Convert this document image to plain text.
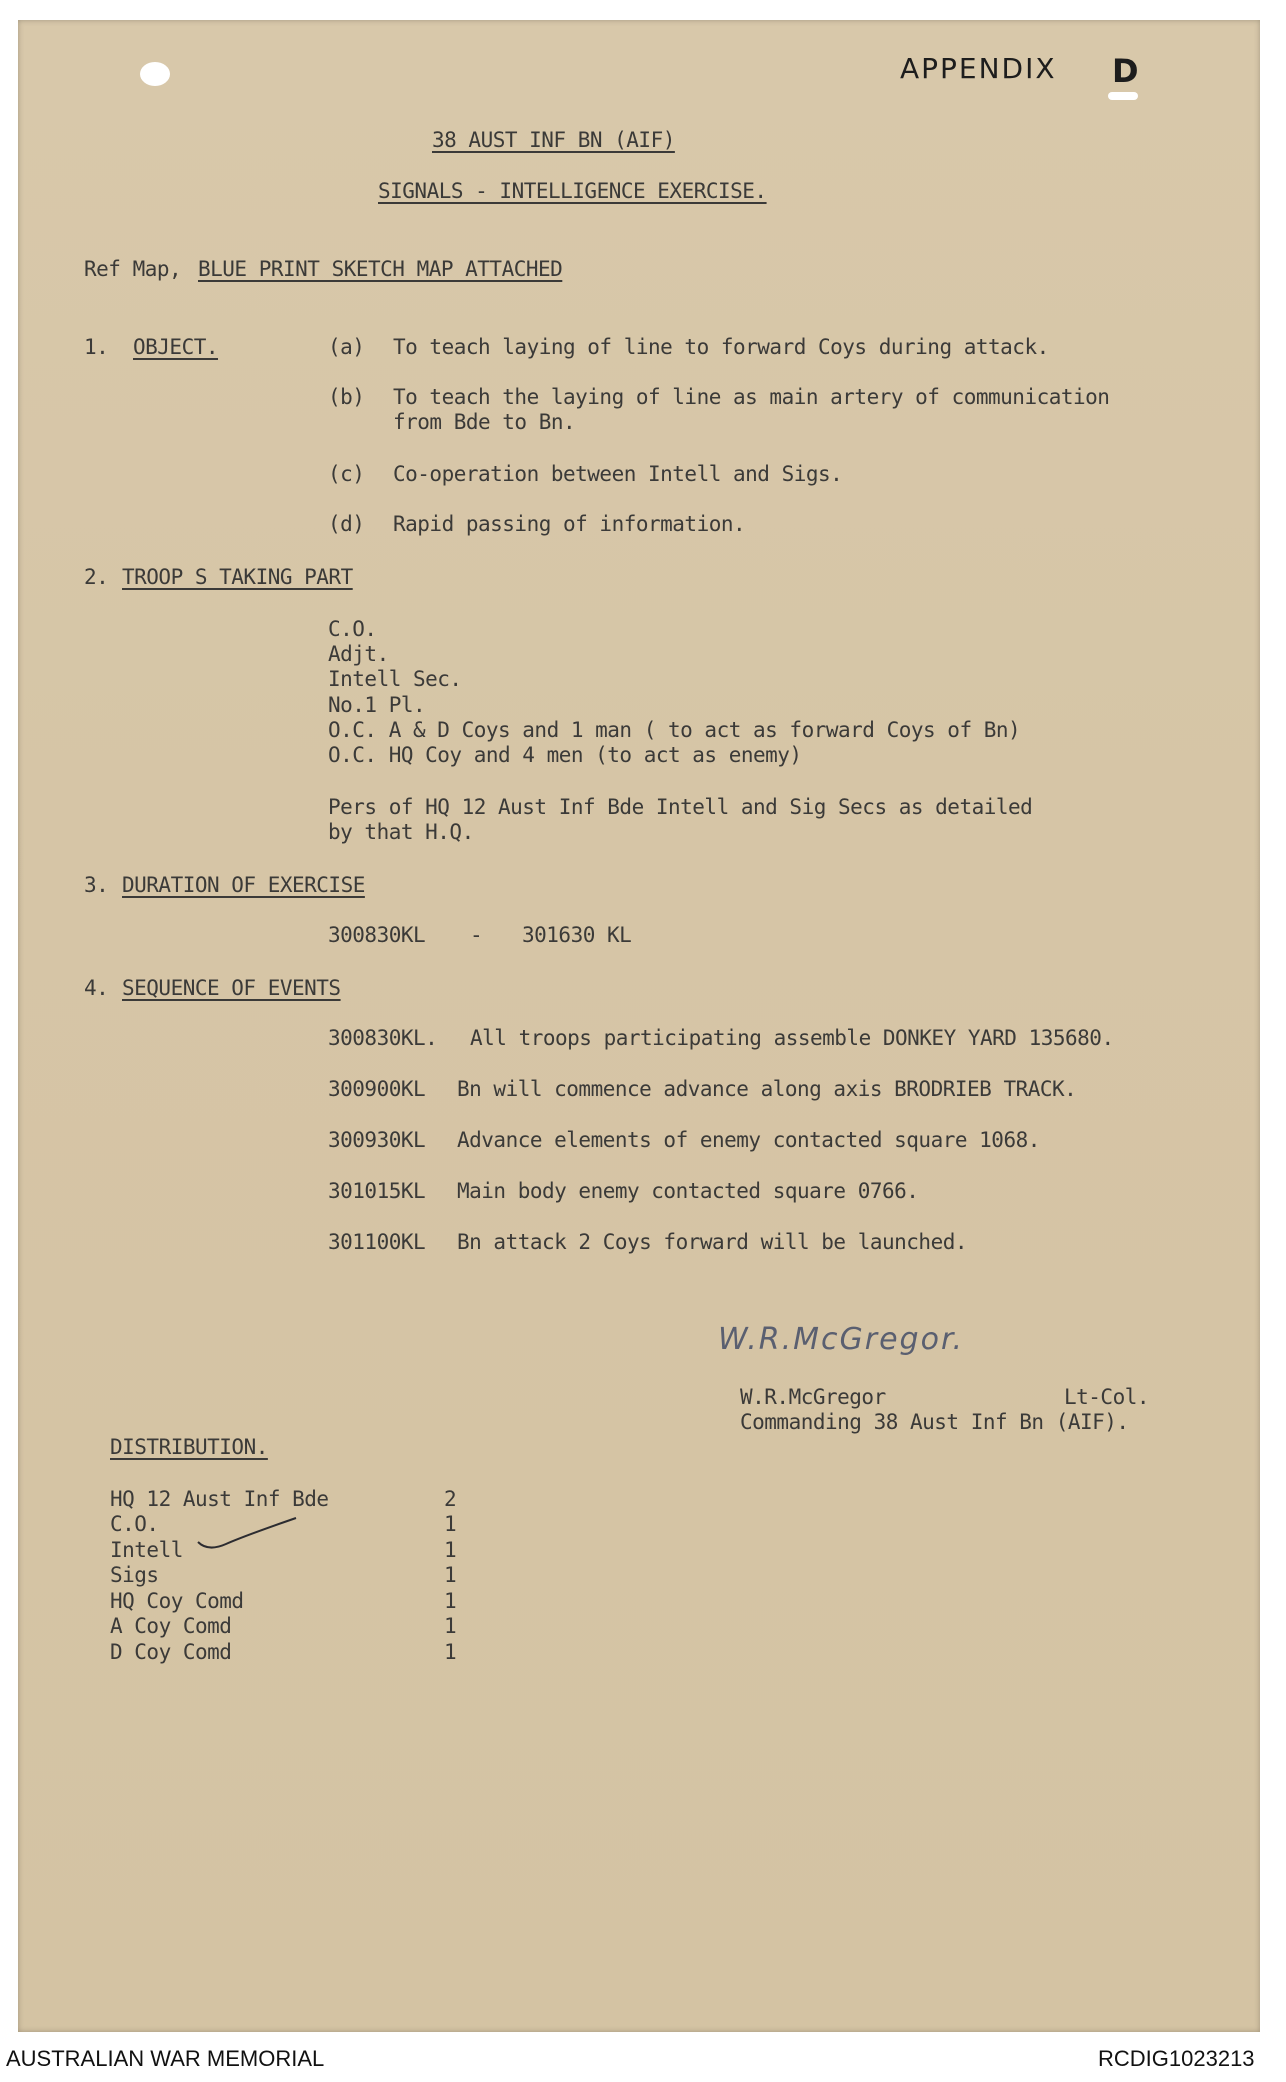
APPENDIX D
38 AUST INF BN (AIF)
SIGNALS - INTELLIGENCE EXERCISE.
Ref Map, BLUE PRINT SKETCH MAP ATTACHED
1. OBJECT.	(a) To teach laying of line to forward Coys during attack.
(b) To teach the laying of line as main artery of communication
from Bde to Bn.
(c) Co-operation between Intell and Sigs.
(d) Rapid passing of information.
2. TROOP S TAKING PART
C.O.
Adjt.
Intell Sec.
No.1 Pl.
O.C. A & D Coys and 1 man ( to act as forward Coys of Bn)
O.C. HQ Coy and 4 men (to act as enemy)
Pers of HQ 12 Aust Inf Bde Intell and Sig Secs as detailed
by that H.Q.
3. DURATION OF EXERCISE
300830KL - 301630 KL
4. SEQUENCE OF EVENTS
300830KL. All troops participating assemble DONKEY YARD 135680.
300900KL Bn will commence advance along axis BRODRIEB TRACK.
300930KL Advance elements of enemy contacted square 1068.
301015KL Main body enemy contacted square 0766.
301100KL Bn attack 2 Coys forward will be launched.
W.R.McGregor.
W.R.McGregor	Lt-Col.
Commanding 38 Aust Inf Bn (AIF).
DISTRIBUTION.
HQ 12 Aust Inf Bde	2
C.O.	1
Intell	1
Sigs	1
HQ Coy Comd	1
A Coy Comd	1
D Coy Comd	1
AUSTRALIAN WAR MEMORIAL	RCDIG1023213
